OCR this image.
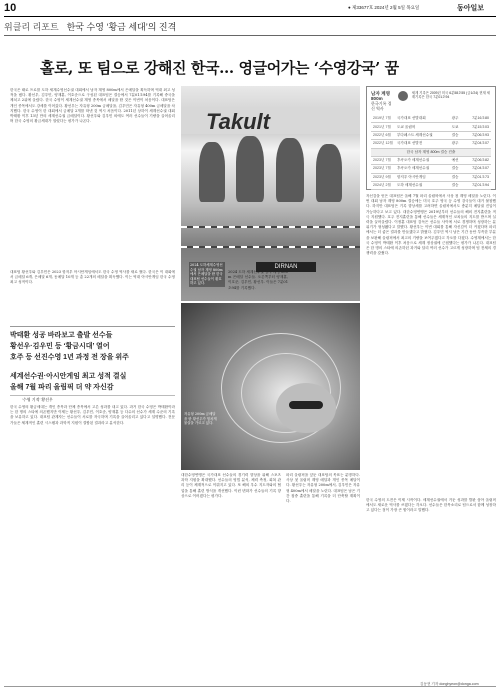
10	● 제33677호 2024년 2월 5일 목요일	동아일보
위클리 리포트 한국 수영 ‘황금 세대’의 진격
홀로, 또 팀으로 강해진 한국… 영글어가는 ‘수영강국’ 꿈
한국은 때로 프로를 도하 세계수영선수권 대회에서 남자 계영 800m에서 은메달을 획득하며 역대 최고 성적을 냈다. 황선우, 김우민, 양재훈, 이호준으로 구성된 대표팀은 결승에서 7분01초94를 기록해 중국을 제치고 2위에 올랐다. 한국 수영이 세계선수권 계영 종목에서 메달을 딴 것은 이번이 처음이다. 대표팀은 개인 종목에서도 강세를 이어갔다. 황선우는 자유형 200m 금메달을, 김우민은 자유형 400m 금메달을 차지했다. 한국 수영이 한 대회에서 금메달 2개를 따낸 것 역시 처음이다. 2011년 상하이 세계선수권 대회 박태환 이후 13년 만의 세계선수권 금메달이다. 황선우와 김우민 외에도 여러 선수들이 기량을 끌어올리며 한국 수영의 황금세대가 열렸다는 평가가 나온다.
대표팀 황선우와 김우민은 2023 항저우 아시안게임에서도 한국 수영 역사를 새로 썼다. 한국은 이 대회에서 금메달 6개, 은메달 6개, 동메달 10개 등 총 22개의 메달을 획득했다. 이는 역대 아시안게임 한국 수영 최고 성적이다.
Takult
DIRNAN
2024 도하세계수영선수권 남자 계영 800m에서 은메달을 딴 한국 대표팀 선수들이 환호하고 있다.
2024 도하 세계선수권 남자 계영 800m 은메달 선수들. 오른쪽부터 양재훈, 이호준, 김우민, 황선우. 이들은 7분01초94를 기록했다.
자유형 200m 금메달을 딴 황선우가 힘차게 물살을 가르고 있다.
박태환 성공 바라보고 출발 선수들
황선우·김우민 등 ‘황금시대’ 열어
호주 등 선진수영 1년 과정 전 장을 위주
세계선수권·아시안게임 최고 성적 결실
올해 7월 파리 올림픽 더 약 자신감
‘수영 기적’ 황선우
한국 수영의 황금세대는 개인 종목과 단체 종목에서 고른 성과를 내고 있다. 과거 한국 수영은 박태환이라는 한 명의 스타에 의존했지만 이제는 황선우, 김우민, 이호준, 양재훈 등 다수의 선수가 세계 수준의 기록을 보유하고 있다. 대표팀 관계자는 선수들이 서로를 자극하며 기록을 끌어올리고 있다고 설명했다. 전문가들은 체계적인 훈련 시스템과 과학적 지원이 결합된 결과라고 분석한다.
대한수영연맹은 국가대표 선수들의 경기력 향상을 위해 스포츠과학 지원을 확대했다. 선수들의 영법 분석, 체력 측정, 회복 관리 등이 체계적으로 이뤄지고 있다. 또 해외 우수 지도자와의 협업을 통해 훈련 방식을 개선했다. 이런 변화가 선수들의 기록 향상으로 이어졌다는 평가다.
파리 올림픽을 앞둔 대표팀의 목표는 분명하다. 사상 첫 올림픽 계영 메달과 개인 종목 메달이다. 황선우는 자유형 200m에서, 김우민은 자유형 400m에서 메달을 노린다. 대표팀은 남은 기간 집중 훈련을 통해 기록을 더 단축할 계획이다.
남자 계영 800m
한국기록 경신 역사
세계 기록은 2009년 미국 6분58초55 (금1/24) 현재 세계기록은 한국 7분01초94
2019년 7월	국가대표 선발대회	광주	7분16초80
2021년 7월	도쿄 올림픽	도쿄	7분15초03
2022년 6월	부다페스트 세계선수권	결승	7분06초93
2022년 12월	국가대표 선발전	광주	7분04초07
한국 남자 계영 800m 결승 진출			
2023년 7월	후쿠오카 세계선수권	예선	7분06초82
2023년 7월	후쿠오카 세계선수권	결승	7분04초07
2023년 9월	항저우 아시안게임	결승	7분01초73
2024년 2월	도하 세계선수권	결승	7분01초94
자신감을 얻은 대표팀은 올해 7월 파리 올림픽에서 사상 첫 계영 메달을 노린다. 이번 대회 남자 계영 800m 결승에는 미국 호주 영국 등 수영 강국들이 대거 불참했다. 하지만 대표팀은 기록 향상세를 고려하면 올림픽에서도 충분히 메달권 진입이 가능하다고 보고 있다. 대한수영연맹은 2019년부터 선수들의 해외 전지훈련을 적극 지원했다. 호주 전지훈련을 통해 선수들은 세계적인 코치들의 지도를 받으며 실력을 끌어올렸다. 이정훈 대표팀 감독은 선수들 사이에 서로 경쟁하며 성장하는 분위기가 형성됐다고 말했다. 황선우는 이번 대회를 통해 자신감이 더 커졌다며 파리에서는 더 좋은 결과를 만들겠다고 밝혔다. 김우민 역시 남은 기간 동안 부족한 부분을 보완해 올림픽에서 최고의 기량을 보여주겠다고 각오를 다졌다. 수영계에서는 한국 수영이 박태환 이후 처음으로 세계 정상권에 근접했다는 평가가 나온다. 대표팀은 한 명의 스타에 의존하던 과거와 달리 여러 선수가 고르게 성장하며 팀 전체의 경쟁력을 갖췄다.
한국 수영의 도전은 이제 시작이다. 세계선수권에서 거둔 성과를 발판 삼아 올림픽에서도 새로운 역사를 쓰겠다는 각오다. 선수들은 한목소리로 팀으로서 함께 성장하고 있다는 점이 가장 큰 힘이라고 말했다.
김동현 기자 donghyeon@donga.com
